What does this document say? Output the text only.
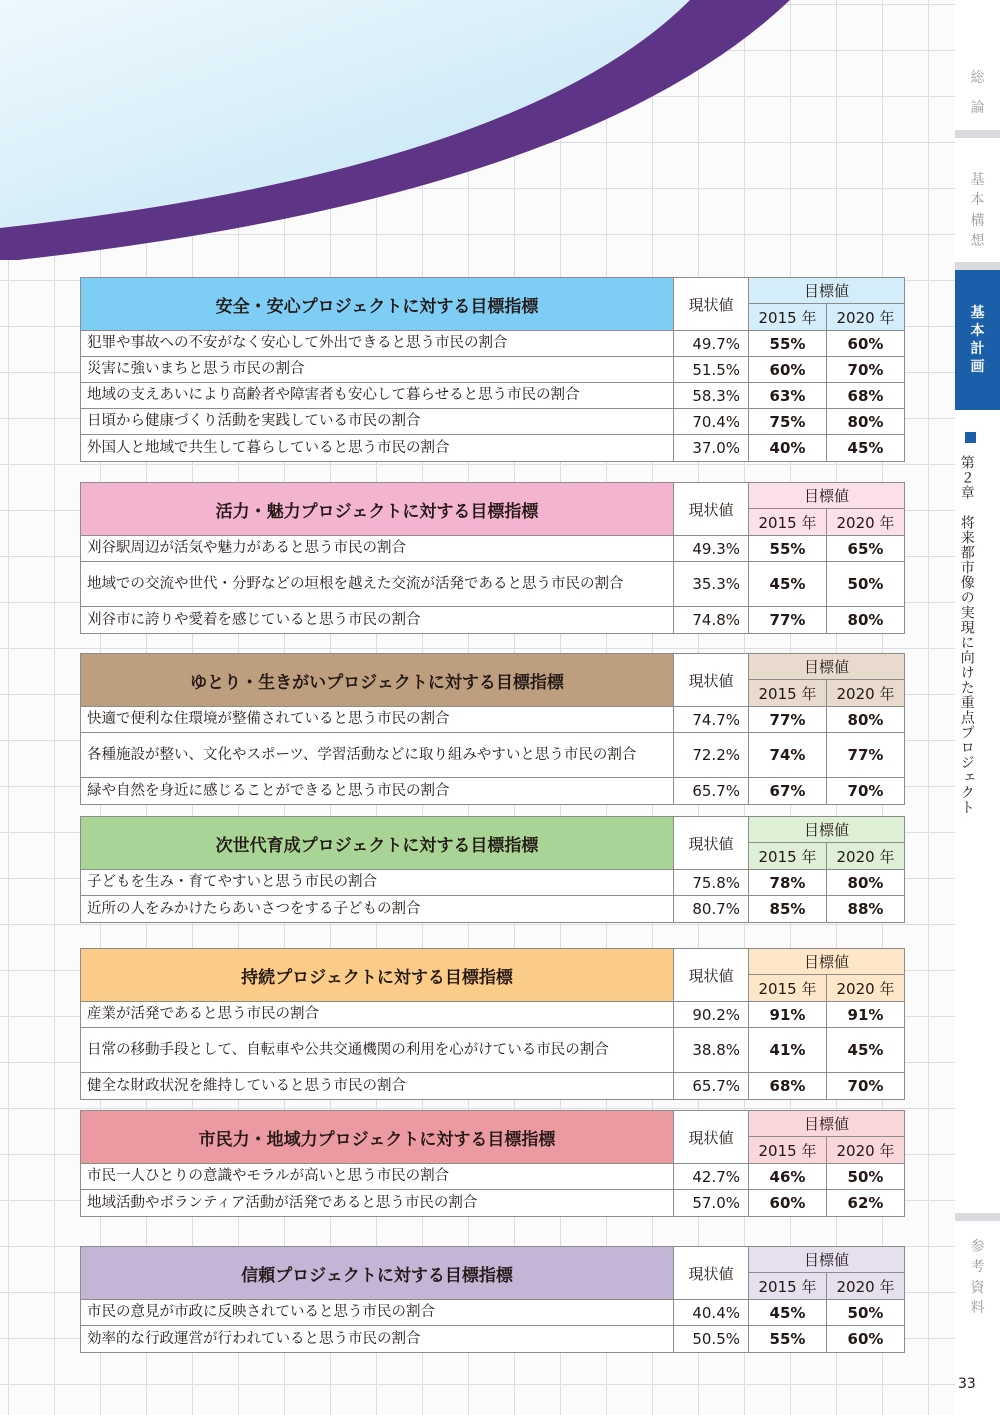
総
論
基
本
構
想
基
本
計
画
参
考
資
料
第２章　将来都市像の実現に向けた重点プロジェクト
33
安全・安心プロジェクトに対する目標指標	現状値
目標値
2015 年	2020 年
犯罪や事故への不安がなく安心して外出できると思う市民の割合	49.7%	55%	60%
災害に強いまちと思う市民の割合	51.5%	60%	70%
地域の支えあいにより高齢者や障害者も安心して暮らせると思う市民の割合	58.3%	63%	68%
日頃から健康づくり活動を実践している市民の割合	70.4%	75%	80%
外国人と地域で共生して暮らしていると思う市民の割合	37.0%	40%	45%
活力・魅力プロジェクトに対する目標指標	現状値
目標値
2015 年	2020 年
刈谷駅周辺が活気や魅力があると思う市民の割合	49.3%	55%	65%
地域での交流や世代・分野などの垣根を越えた交流が活発であると思う市民の割合	35.3%	45%	50%
刈谷市に誇りや愛着を感じていると思う市民の割合	74.8%	77%	80%
ゆとり・生きがいプロジェクトに対する目標指標	現状値
目標値
2015 年	2020 年
快適で便利な住環境が整備されていると思う市民の割合	74.7%	77%	80%
各種施設が整い、文化やスポーツ、学習活動などに取り組みやすいと思う市民の割合	72.2%	74%	77%
緑や自然を身近に感じることができると思う市民の割合	65.7%	67%	70%
次世代育成プロジェクトに対する目標指標	現状値
目標値
2015 年	2020 年
子どもを生み・育てやすいと思う市民の割合	75.8%	78%	80%
近所の人をみかけたらあいさつをする子どもの割合	80.7%	85%	88%
持続プロジェクトに対する目標指標	現状値
目標値
2015 年	2020 年
産業が活発であると思う市民の割合	90.2%	91%	91%
日常の移動手段として、自転車や公共交通機関の利用を心がけている市民の割合	38.8%	41%	45%
健全な財政状況を維持していると思う市民の割合	65.7%	68%	70%
市民力・地域力プロジェクトに対する目標指標	現状値
目標値
2015 年	2020 年
市民一人ひとりの意識やモラルが高いと思う市民の割合	42.7%	46%	50%
地域活動やボランティア活動が活発であると思う市民の割合	57.0%	60%	62%
信頼プロジェクトに対する目標指標	現状値
目標値
2015 年	2020 年
市民の意見が市政に反映されていると思う市民の割合	40.4%	45%	50%
効率的な行政運営が行われていると思う市民の割合	50.5%	55%	60%
